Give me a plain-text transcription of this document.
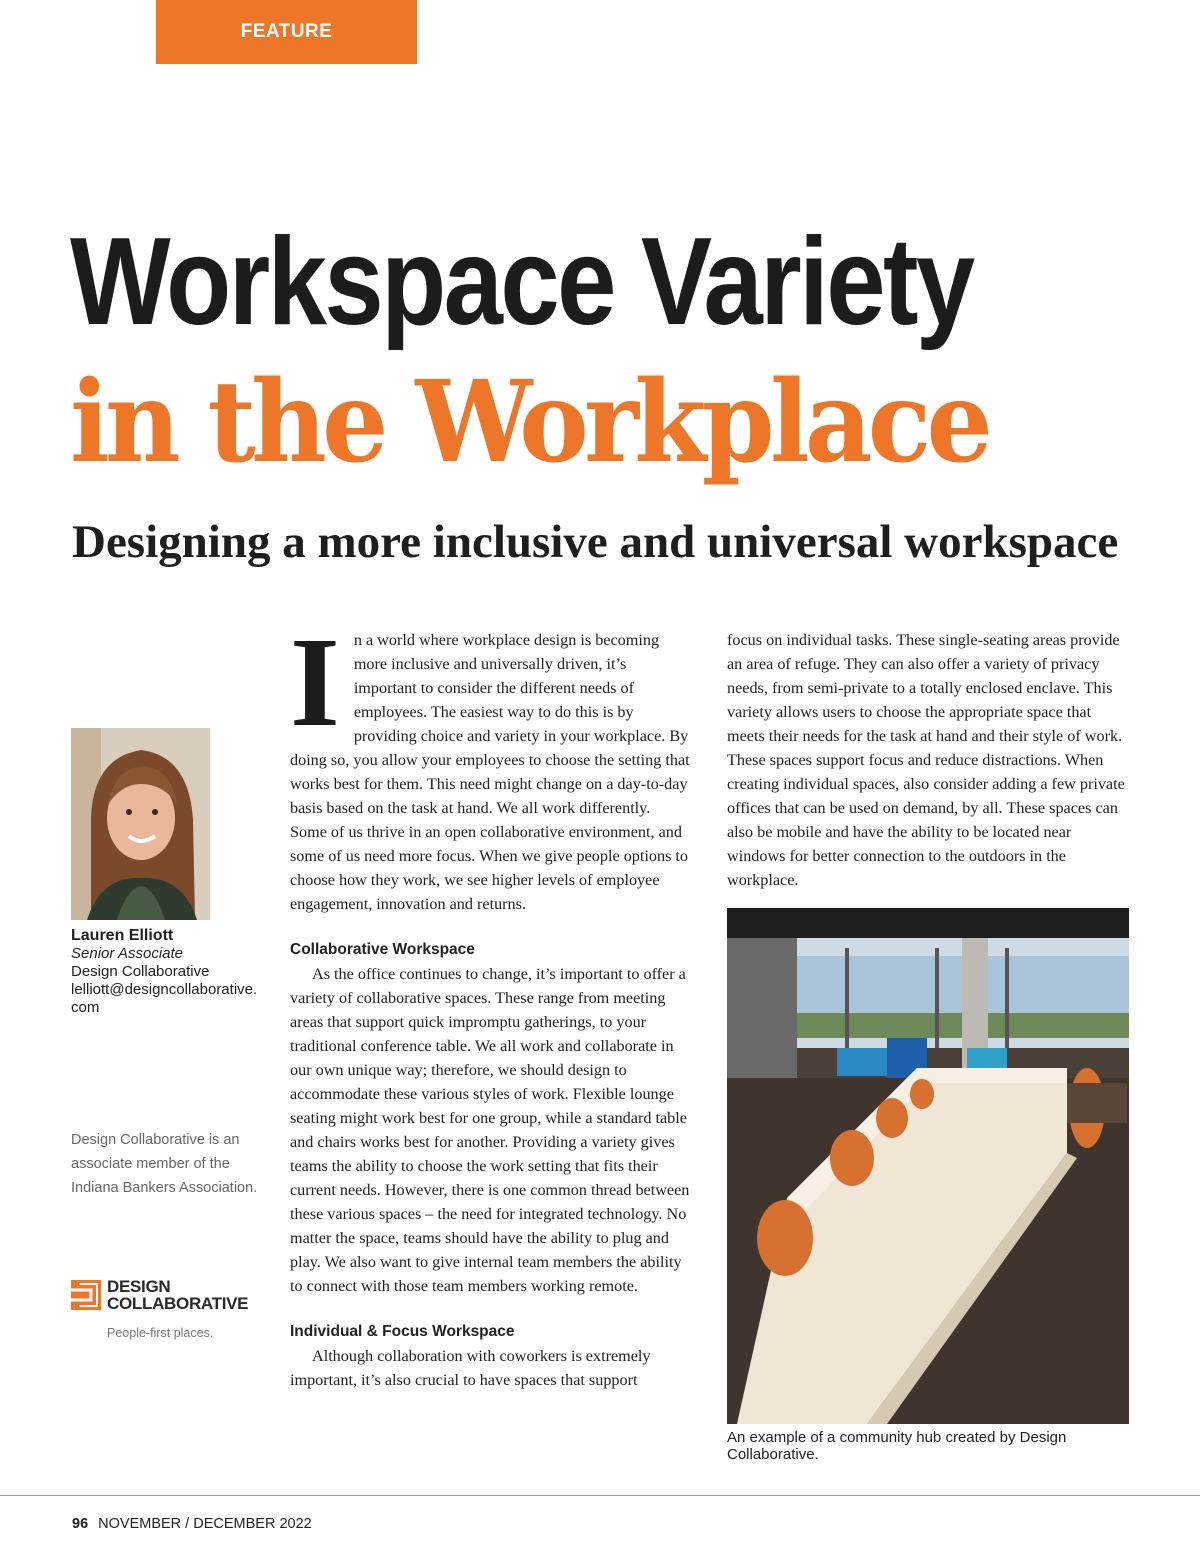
FEATURE
Workspace Variety
in the Workplace
Designing a more inclusive and universal workspace
Lauren Elliott
Senior Associate
Design Collaborative
lelliott@designcollaborative.
com
Design Collaborative is an associate member of the Indiana Bankers Association.
DESIGN
COLLABORATIVE
People-first places.

In a world where workplace design is becoming more inclusive and universally driven, it’s important to consider the different needs of employees. The easiest way to do this is by providing choice and variety in your workplace. By doing so, you allow your employees to choose the setting that works best for them. This need might change on a day-to-day basis based on the task at hand. We all work differently. Some of us thrive in an open collaborative environment, and some of us need more focus. When we give people options to choose how they work, we see higher levels of employee engagement, innovation and returns.

Collaborative Workspace

As the office continues to change, it’s important to offer a variety of collaborative spaces. These range from meeting areas that support quick impromptu gatherings, to your traditional conference table. We all work and collaborate in our own unique way; therefore, we should design to accommodate these various styles of work. Flexible lounge seating might work best for one group, while a standard table and chairs works best for another. Providing a variety gives teams the ability to choose the work setting that fits their current needs. However, there is one common thread between these various spaces – the need for integrated technology. No matter the space, teams should have the ability to plug and play. We also want to give internal team members the ability to connect with those team members working remote.

Individual & Focus Workspace

Although collaboration with coworkers is extremely important, it’s also crucial to have spaces that support

focus on individual tasks. These single-seating areas provide an area of refuge. They can also offer a variety of privacy needs, from semi-private to a totally enclosed enclave. This variety allows users to choose the appropriate space that meets their needs for the task at hand and their style of work. These spaces support focus and reduce distractions. When creating individual spaces, also consider adding a few private offices that can be used on demand, by all. These spaces can also be mobile and have the ability to be located near windows for better connection to the outdoors in the workplace.

An example of a community hub created by Design Collaborative.
96 NOVEMBER / DECEMBER 2022
